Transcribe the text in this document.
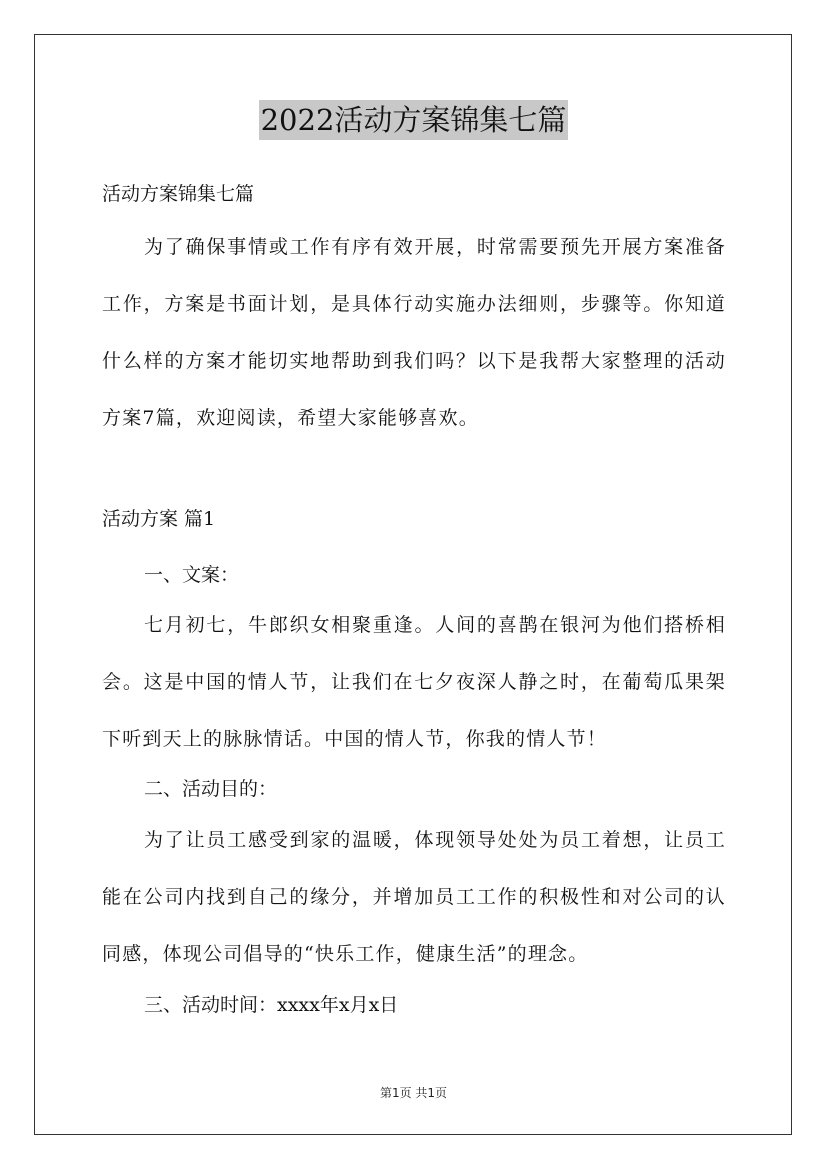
2022活动方案锦集七篇
活动方案锦集七篇
为了确保事情或工作有序有效开展，时常需要预先开展方案准备工作，方案是书面计划，是具体行动实施办法细则，步骤等。你知道什么样的方案才能切实地帮助到我们吗？以下是我帮大家整理的活动方案7篇，欢迎阅读，希望大家能够喜欢。
活动方案 篇1
一、文案：
七月初七，牛郎织女相聚重逢。人间的喜鹊在银河为他们搭桥相会。这是中国的情人节，让我们在七夕夜深人静之时，在葡萄瓜果架下听到天上的脉脉情话。中国的情人节，你我的情人节！
二、活动目的：
为了让员工感受到家的温暖，体现领导处处为员工着想，让员工能在公司内找到自己的缘分，并增加员工工作的积极性和对公司的认同感，体现公司倡导的“快乐工作，健康生活”的理念。
三、活动时间：xxxx年x月x日
第1页 共1页
